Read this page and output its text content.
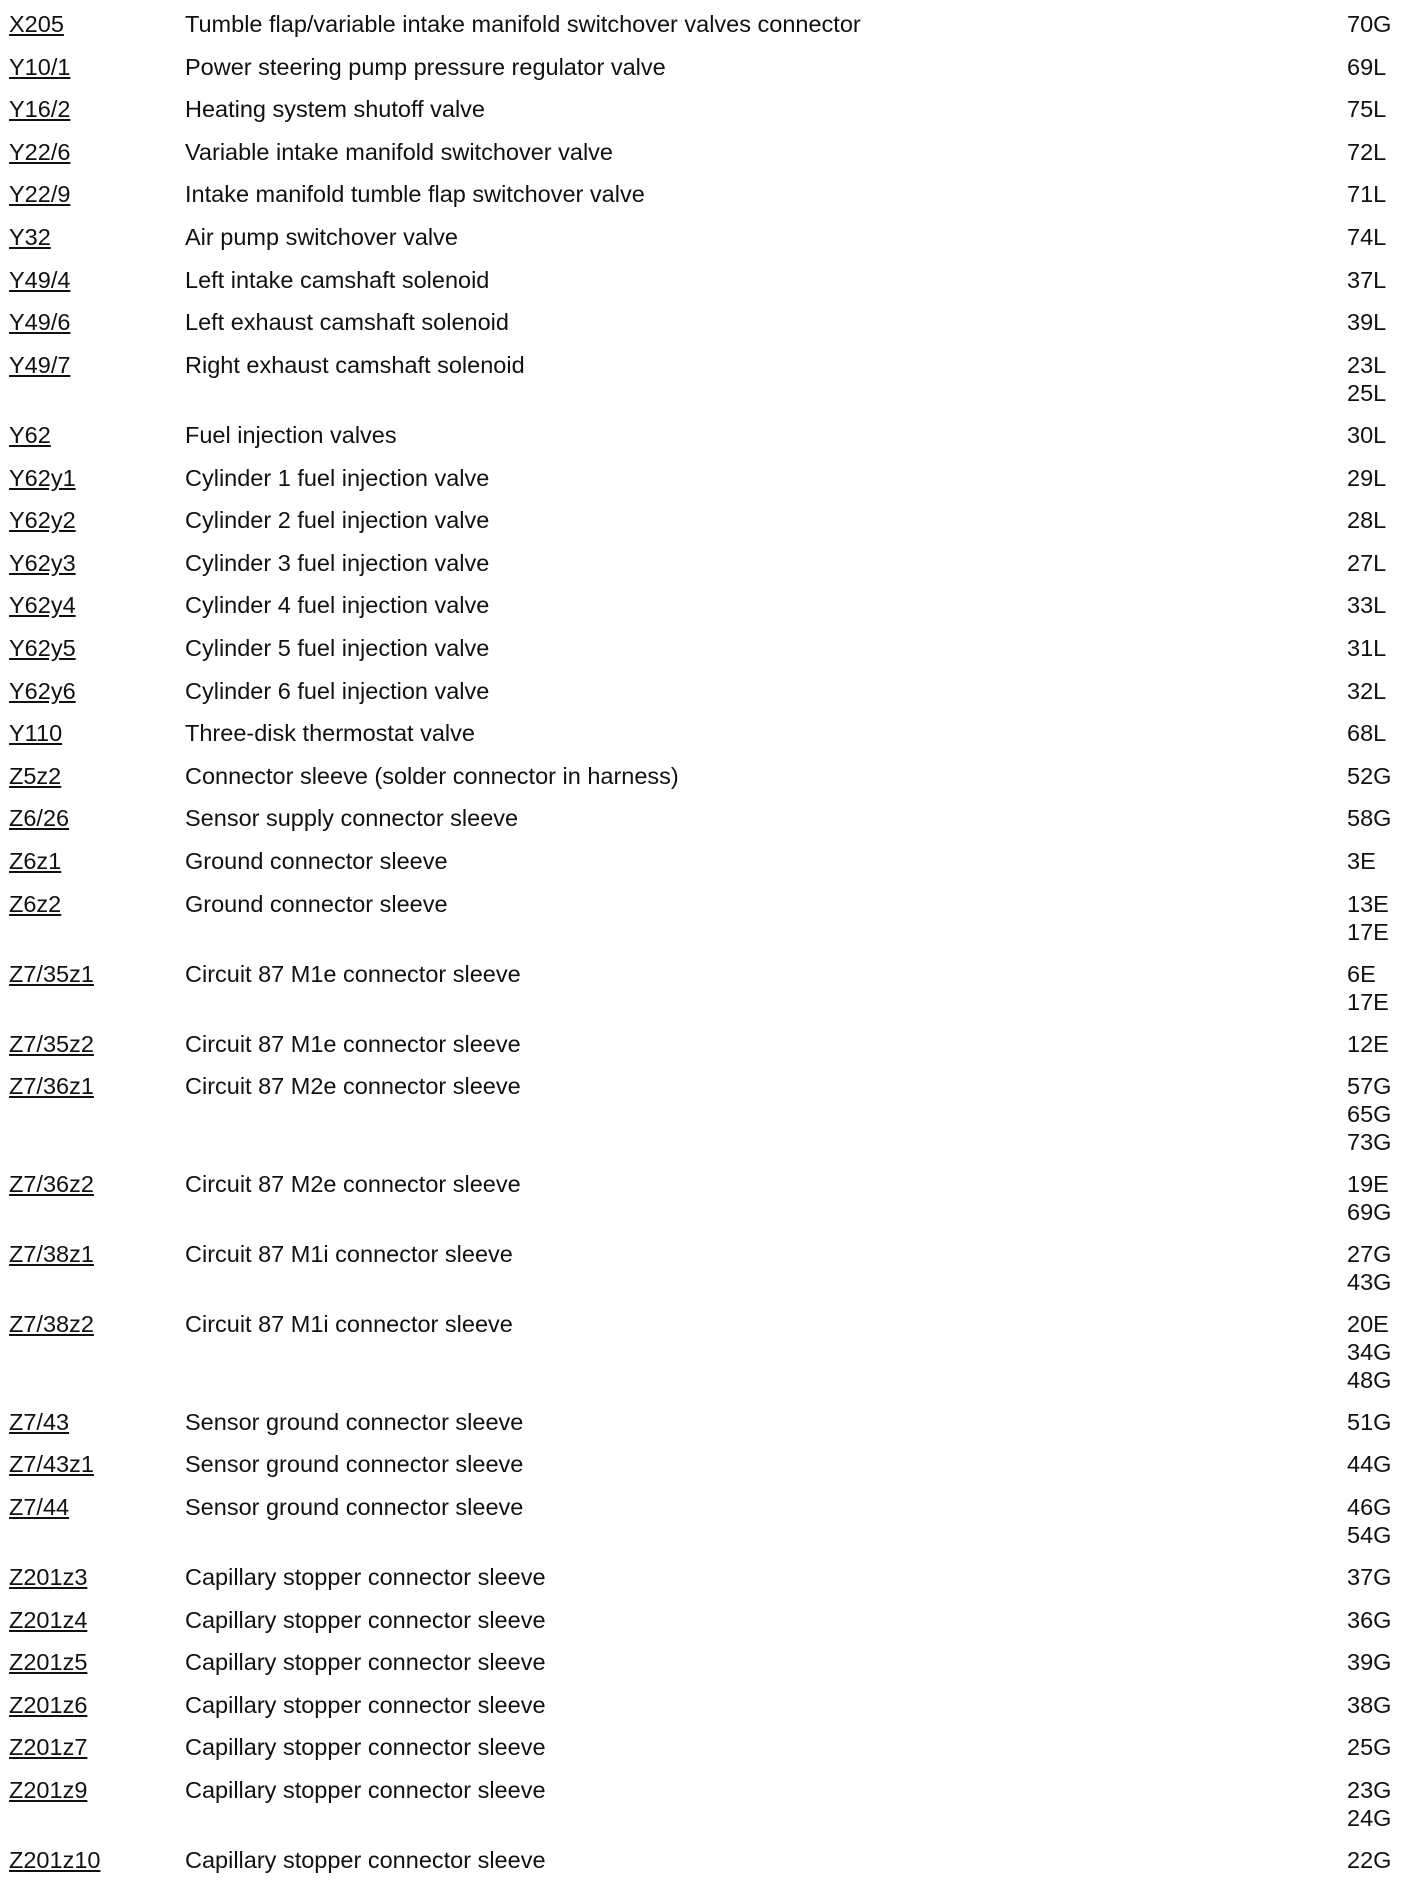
X205	Tumble flap/variable intake manifold switchover valves connector	70G
Y10/1	Power steering pump pressure regulator valve	69L
Y16/2	Heating system shutoff valve	75L
Y22/6	Variable intake manifold switchover valve	72L
Y22/9	Intake manifold tumble flap switchover valve	71L
Y32	Air pump switchover valve	74L
Y49/4	Left intake camshaft solenoid	37L
Y49/6	Left exhaust camshaft solenoid	39L
Y49/7	Right exhaust camshaft solenoid	23L
25L
Y62	Fuel injection valves	30L
Y62y1	Cylinder 1 fuel injection valve	29L
Y62y2	Cylinder 2 fuel injection valve	28L
Y62y3	Cylinder 3 fuel injection valve	27L
Y62y4	Cylinder 4 fuel injection valve	33L
Y62y5	Cylinder 5 fuel injection valve	31L
Y62y6	Cylinder 6 fuel injection valve	32L
Y110	Three-disk thermostat valve	68L
Z5z2	Connector sleeve (solder connector in harness)	52G
Z6/26	Sensor supply connector sleeve	58G
Z6z1	Ground connector sleeve	3E
Z6z2	Ground connector sleeve	13E
17E
Z7/35z1	Circuit 87 M1e connector sleeve	6E
17E
Z7/35z2	Circuit 87 M1e connector sleeve	12E
Z7/36z1	Circuit 87 M2e connector sleeve	57G
65G
73G
Z7/36z2	Circuit 87 M2e connector sleeve	19E
69G
Z7/38z1	Circuit 87 M1i connector sleeve	27G
43G
Z7/38z2	Circuit 87 M1i connector sleeve	20E
34G
48G
Z7/43	Sensor ground connector sleeve	51G
Z7/43z1	Sensor ground connector sleeve	44G
Z7/44	Sensor ground connector sleeve	46G
54G
Z201z3	Capillary stopper connector sleeve	37G
Z201z4	Capillary stopper connector sleeve	36G
Z201z5	Capillary stopper connector sleeve	39G
Z201z6	Capillary stopper connector sleeve	38G
Z201z7	Capillary stopper connector sleeve	25G
Z201z9	Capillary stopper connector sleeve	23G
24G
Z201z10	Capillary stopper connector sleeve	22G
